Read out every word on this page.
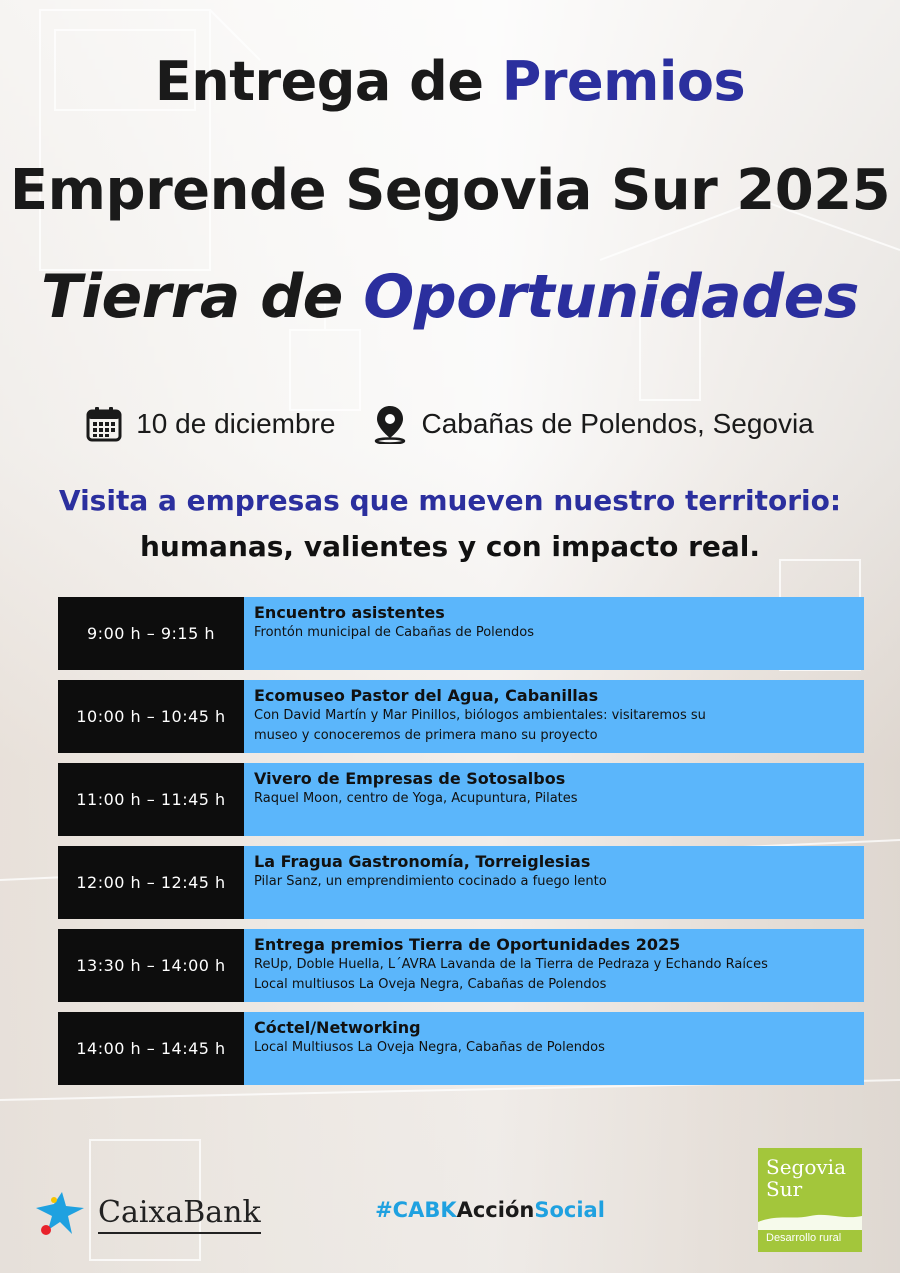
Entrega de Premios
Emprende Segovia Sur 2025
Tierra de Oportunidades
10 de diciembre	Cabañas de Polendos, Segovia
Visita a empresas que mueven nuestro territorio:
humanas, valientes y con impacto real.
9:00 h – 9:15 h
Encuentro asistentes
Frontón municipal de Cabañas de Polendos
10:00 h – 10:45 h
Ecomuseo Pastor del Agua, Cabanillas
Con David Martín y Mar Pinillos, biólogos ambientales: visitaremos su
museo y conoceremos de primera mano su proyecto
11:00 h – 11:45 h
Vivero de Empresas de Sotosalbos
Raquel Moon, centro de Yoga, Acupuntura, Pilates
12:00 h – 12:45 h
La Fragua Gastronomía, Torreiglesias
Pilar Sanz, un emprendimiento cocinado a fuego lento
13:30 h – 14:00 h
Entrega premios Tierra de Oportunidades 2025
ReUp, Doble Huella, L´AVRA Lavanda de la Tierra de Pedraza y Echando Raíces
Local multiusos La Oveja Negra, Cabañas de Polendos
14:00 h – 14:45 h
Cóctel/Networking
Local Multiusos La Oveja Negra, Cabañas de Polendos
CaixaBank	#CABKAcciónSocial
Segovia
Sur
Desarrollo rural
